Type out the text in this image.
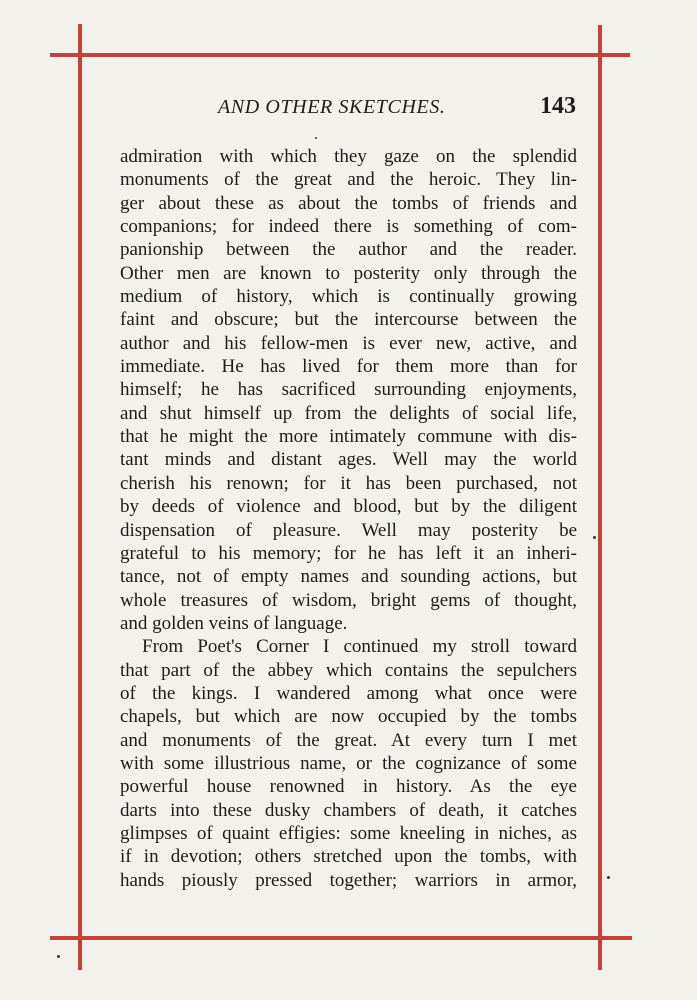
AND OTHER SKETCHES.	143
admiration with which they gaze on the splendid
monuments of the great and the heroic. They lin-
ger about these as about the tombs of friends and
companions; for indeed there is something of com-
panionship between the author and the reader.
Other men are known to posterity only through the
medium of history, which is continually growing
faint and obscure; but the intercourse between the
author and his fellow-men is ever new, active, and
immediate. He has lived for them more than for
himself; he has sacrificed surrounding enjoyments,
and shut himself up from the delights of social life,
that he might the more intimately commune with dis-
tant minds and distant ages. Well may the world
cherish his renown; for it has been purchased, not
by deeds of violence and blood, but by the diligent
dispensation of pleasure. Well may posterity be
grateful to his memory; for he has left it an inheri-
tance, not of empty names and sounding actions, but
whole treasures of wisdom, bright gems of thought,
and golden veins of language.
From Poet's Corner I continued my stroll toward
that part of the abbey which contains the sepulchers
of the kings. I wandered among what once were
chapels, but which are now occupied by the tombs
and monuments of the great. At every turn I met
with some illustrious name, or the cognizance of some
powerful house renowned in history. As the eye
darts into these dusky chambers of death, it catches
glimpses of quaint effigies: some kneeling in niches, as
if in devotion; others stretched upon the tombs, with
hands piously pressed together; warriors in armor,
